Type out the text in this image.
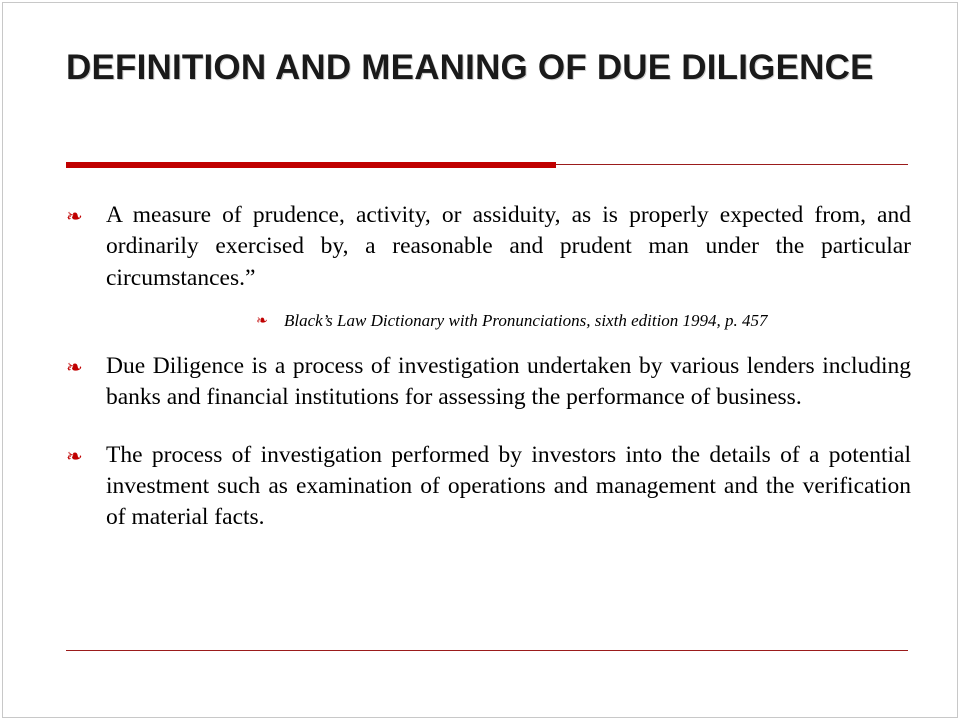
DEFINITION AND MEANING OF DUE DILIGENCE
❧ A measure of prudence, activity, or assiduity, as is properly expected from, and ordinarily exercised by, a reasonable and prudent man under the particular circumstances.”
❧ Black’s Law Dictionary with Pronunciations, sixth edition 1994, p. 457
❧ Due Diligence is a process of investigation undertaken by various lenders including banks and financial institutions for assessing the performance of business.
❧ The process of investigation performed by investors into the details of a potential investment such as examination of operations and management and the verification of material facts.
